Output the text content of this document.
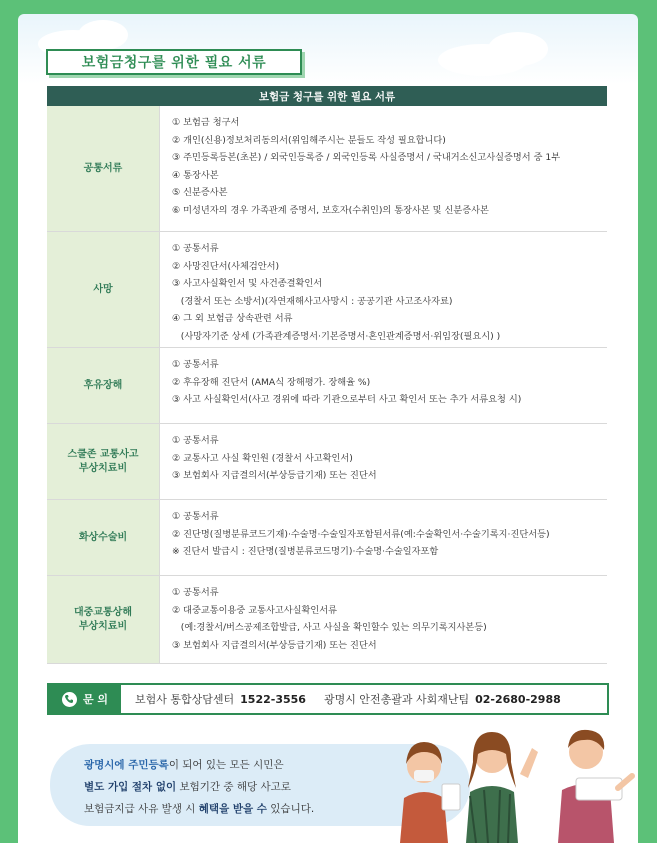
보험금청구를 위한 필요 서류
보험금 청구를 위한 필요 서류
공통서류
① 보험금 청구서
② 개인(신용)정보처리동의서(위임해주시는 분들도 작성 필요합니다)
③ 주민등록등본(초본) / 외국인등록증 / 외국인등록 사실증명서 / 국내거소신고사실증명서 중 1부
④ 통장사본
⑤ 신분증사본
⑥ 미성년자의 경우 가족관계 증명서, 보호자(수취인)의 통장사본 및 신분증사본
사망
① 공통서류
② 사망진단서(사체검안서)
③ 사고사실확인서 및 사건종결확인서
(경찰서 또는 소방서)(자연재해사고사망시 : 공공기관 사고조사자료)
④ 그 외 보험금 상속관련 서류
(사망자기준 상세 (가족관계증명서·기본증명서·혼인관계증명서·위임장(필요시) )
후유장해
① 공통서류
② 후유장해 진단서 (AMA식 장해평가. 장해율 %)
③ 사고 사실확인서(사고 경위에 따라 기관으로부터 사고 확인서 또는 추가 서류요청 시)
스쿨존 교통사고
부상치료비
① 공통서류
② 교통사고 사실 확인원 (경찰서 사고확인서)
③ 보험회사 지급결의서(부상등급기재) 또는 진단서
화상수술비
① 공통서류
② 진단명(질병분류코드기재)·수술명·수술일자포함된서류(예:수술확인서·수술기록지·진단서등)
※ 진단서 발급시 : 진단명(질병분류코드명기)·수술명·수술일자포함
대중교통상해
부상치료비
① 공통서류
② 대중교통이용중 교통사고사실확인서류
(예:경찰서/버스공제조합발급, 사고 사실을 확인할수 있는 의무기록지사본등)
③ 보험회사 지급결의서(부상등급기재) 또는 진단서
문 의 보험사 통합상담센터 1522-3556 광명시 안전총괄과 사회재난팀 02-2680-2988
광명시에 주민등록이 되어 있는 모든 시민은
별도 가입 절차 없이 보험기간 중 해당 사고로
보험금지급 사유 발생 시 혜택을 받을 수 있습니다.
